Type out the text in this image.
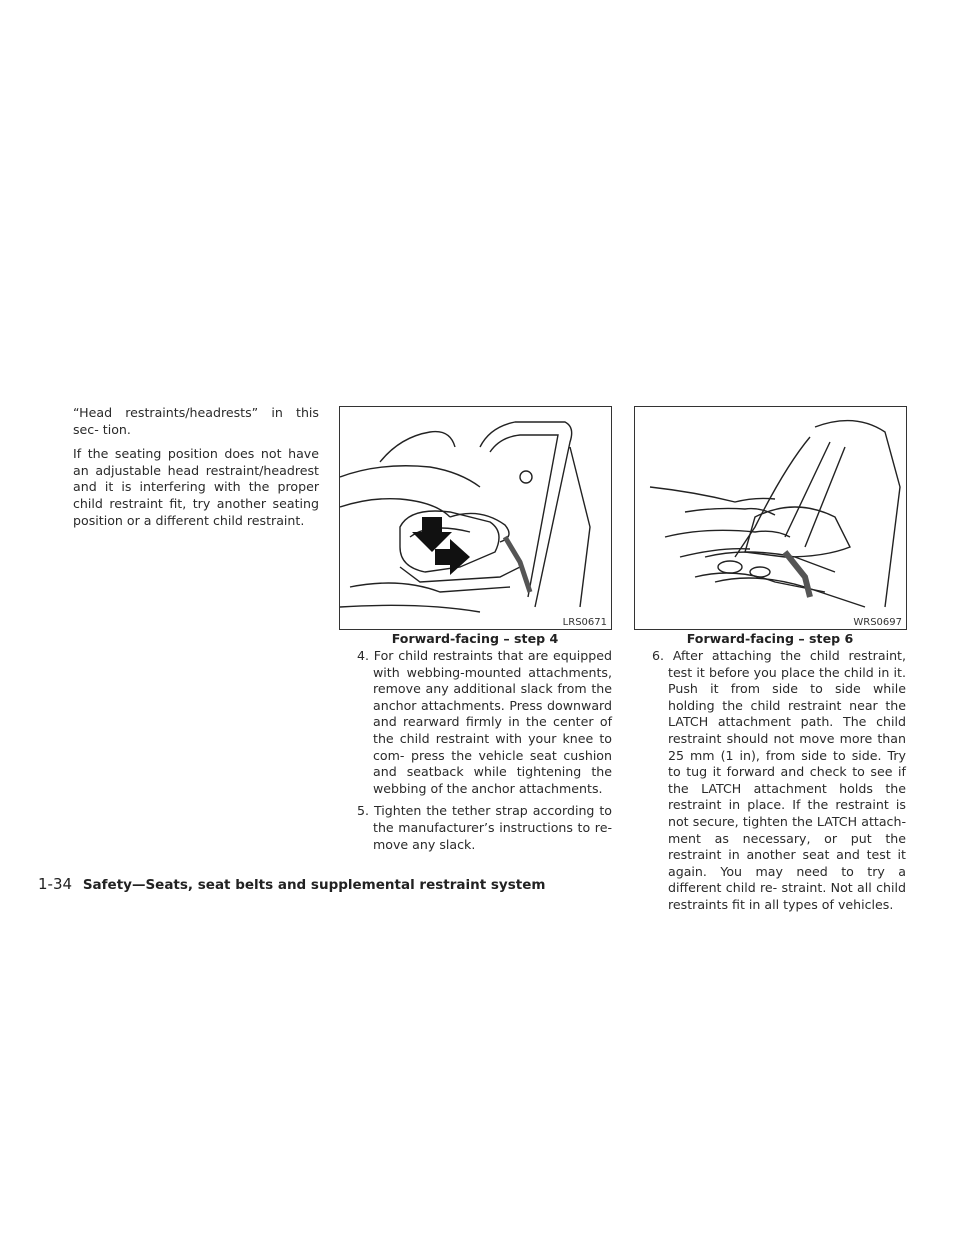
“Head restraints/headrests” in this sec- tion.

If the seating position does not have an adjustable head restraint/headrest and it is interfering with the proper child restraint fit, try another seating position or a different child restraint.

LRS0671
Forward-facing – step 4
WRS0697
Forward-facing – step 6
4. For child restraints that are equipped with webbing-mounted attachments, remove any additional slack from the anchor attachments. Press downward and rearward firmly in the center of the child restraint with your knee to com- press the vehicle seat cushion and seatback while tightening the webbing of the anchor attachments.
5. Tighten the tether strap according to the manufacturer’s instructions to re- move any slack.
6. After attaching the child restraint, test it before you place the child in it. Push it from side to side while holding the child restraint near the LATCH attachment path. The child restraint should not move more than 25 mm (1 in), from side to side. Try to tug it forward and check to see if the LATCH attachment holds the restraint in place. If the restraint is not secure, tighten the LATCH attach- ment as necessary, or put the restraint in another seat and test it again. You may need to try a different child re- straint. Not all child restraints fit in all types of vehicles.
1-34 Safety—Seats, seat belts and supplemental restraint system
